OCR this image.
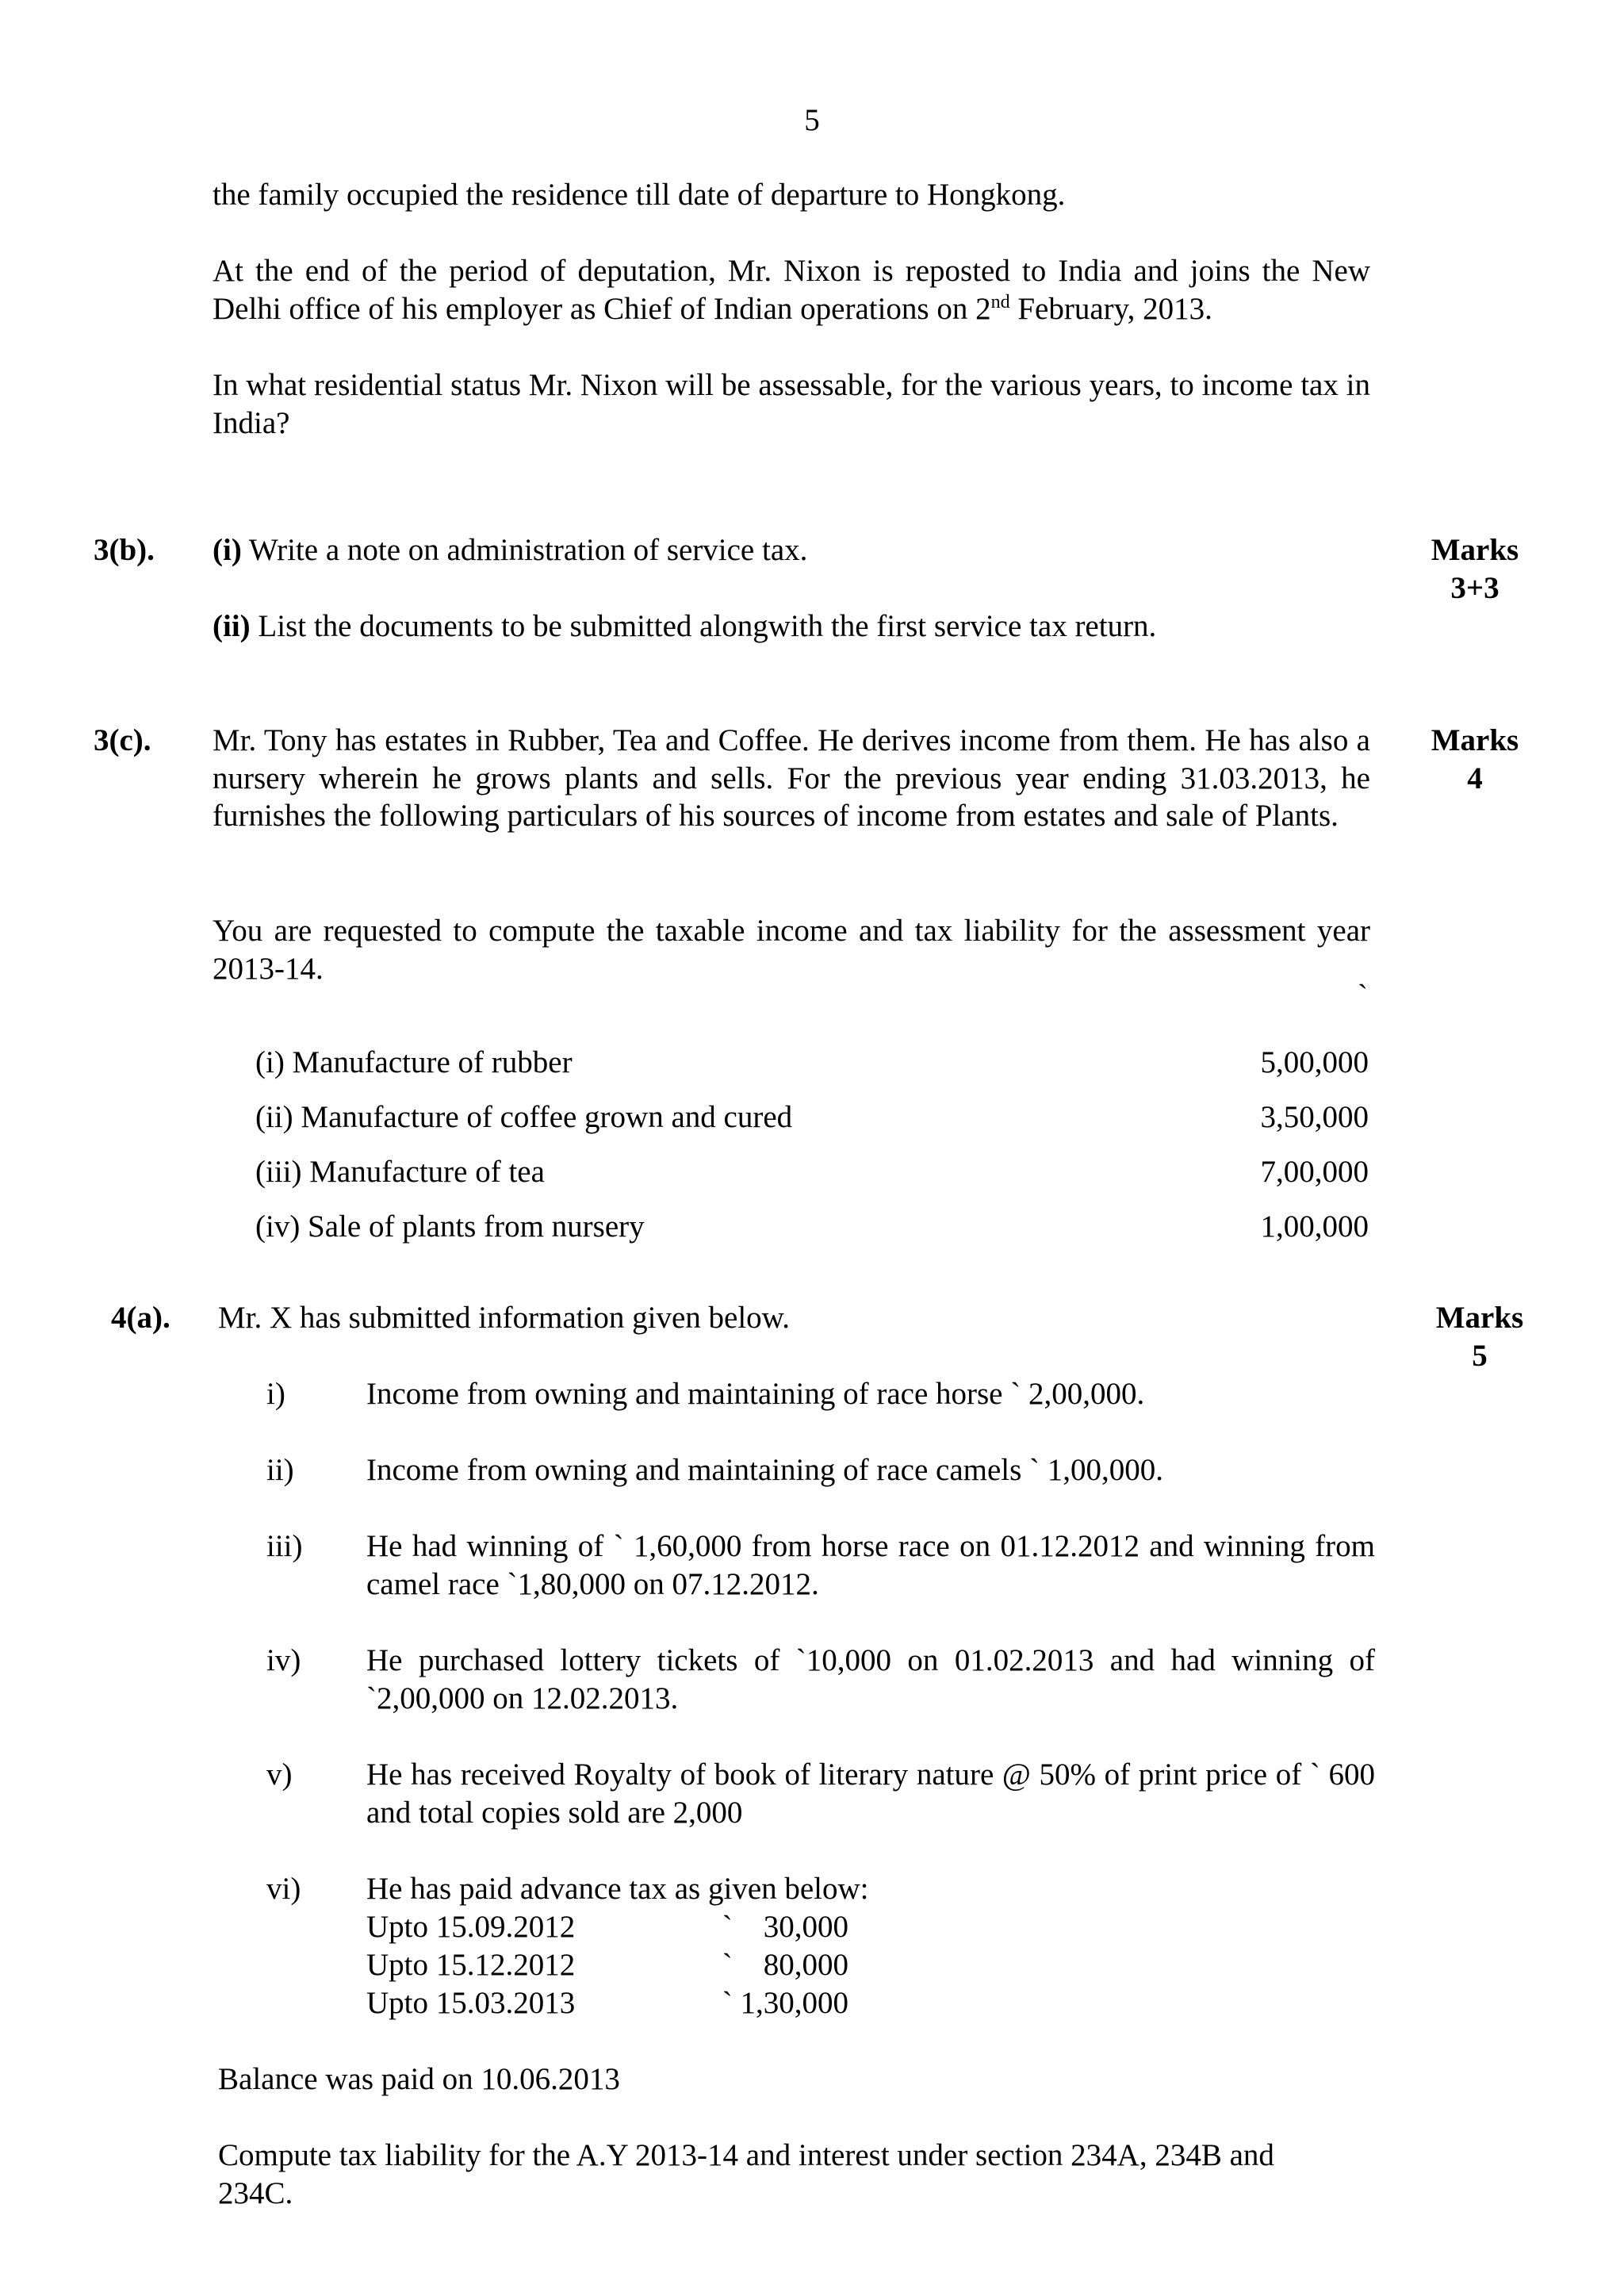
5
the family occupied the residence till date of departure to Hongkong.
At the end of the period of deputation, Mr. Nixon is reposted to India and joins the New Delhi office of his employer as Chief of Indian operations on 2nd February, 2013.
In what residential status Mr. Nixon will be assessable, for the various years, to income tax in India?
3(b). (i) Write a note on administration of service tax.
(ii) List the documents to be submitted alongwith the first service tax return.
Marks
3+3
3(c). Mr. Tony has estates in Rubber, Tea and Coffee. He derives income from them. He has also a nursery wherein he grows plants and sells. For the previous year ending 31.03.2013, he furnishes the following particulars of his sources of income from estates and sale of Plants.
You are requested to compute the taxable income and tax liability for the assessment year 2013-14.
`
Marks
4
(i) Manufacture of rubber	5,00,000
(ii) Manufacture of coffee grown and cured	3,50,000
(iii) Manufacture of tea	7,00,000
(iv) Sale of plants from nursery	1,00,000
4(a). Mr. X has submitted information given below.	Marks
5
i)	Income from owning and maintaining of race horse ` 2,00,000.
ii) Income from owning and maintaining of race camels ` 1,00,000.
iii) He had winning of ` 1,60,000 from horse race on 01.12.2012 and winning from camel race `1,80,000 on 07.12.2012.
iv) He purchased lottery tickets of `10,000 on 01.02.2013 and had winning of `2,00,000 on 12.02.2013.
v) He has received Royalty of book of literary nature @ 50% of print price of ` 600 and total copies sold are 2,000
vi) He has paid advance tax as given below:
Upto 15.09.2012	`    30,000
Upto 15.12.2012	`    80,000
Upto 15.03.2013	` 1,30,000
Balance was paid on 10.06.2013
Compute tax liability for the A.Y 2013-14 and interest under section 234A, 234B and 234C.
